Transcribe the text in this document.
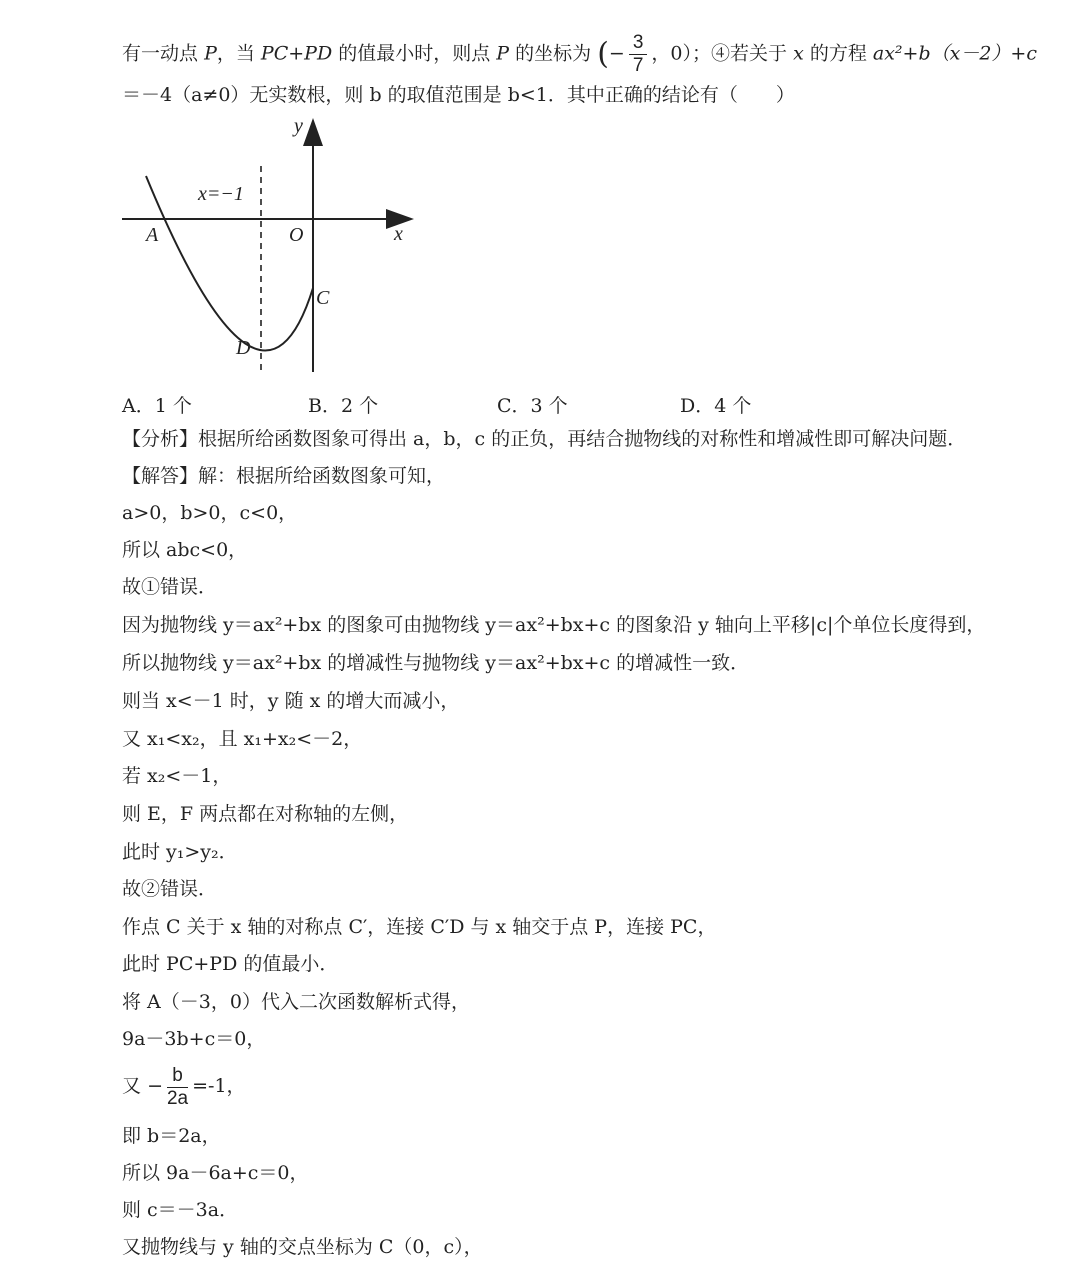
有一动点 P，当 PC+PD 的值最小时，则点 P 的坐标为 (− $\frac{3}{7}$ ，0）；④若关于 x 的方程 ax²+b（x－2）+c
＝－4（a≠0）无实数根，则 b 的取值范围是 b<1．其中正确的结论有（　　）
y
x
O
x=−1
A
C
D
A．1 个	B．2 个	C．3 个	D．4 个
【分析】根据所给函数图象可得出 a，b，c 的正负，再结合抛物线的对称性和增减性即可解决问题．
【解答】解：根据所给函数图象可知，
a>0，b>0，c<0，
所以 abc<0，
故①错误．
因为抛物线 y＝ax²+bx 的图象可由抛物线 y＝ax²+bx+c 的图象沿 y 轴向上平移|c|个单位长度得到，
所以抛物线 y＝ax²+bx 的增减性与抛物线 y＝ax²+bx+c 的增减性一致．
则当 x<－1 时，y 随 x 的增大而减小，
又 x₁<x₂，且 x₁+x₂<－2，
若 x₂<－1，
则 E，F 两点都在对称轴的左侧，
此时 y₁>y₂．
故②错误．
作点 C 关于 x 轴的对称点 C′，连接 C′D 与 x 轴交于点 P，连接 PC，
此时 PC+PD 的值最小．
将 A（－3，0）代入二次函数解析式得，
9a－3b+c＝0，
又 − $\frac{b}{2a} =-1$，
即 b＝2a，
所以 9a－6a+c＝0，
则 c＝－3a．
又抛物线与 y 轴的交点坐标为 C（0，c），
